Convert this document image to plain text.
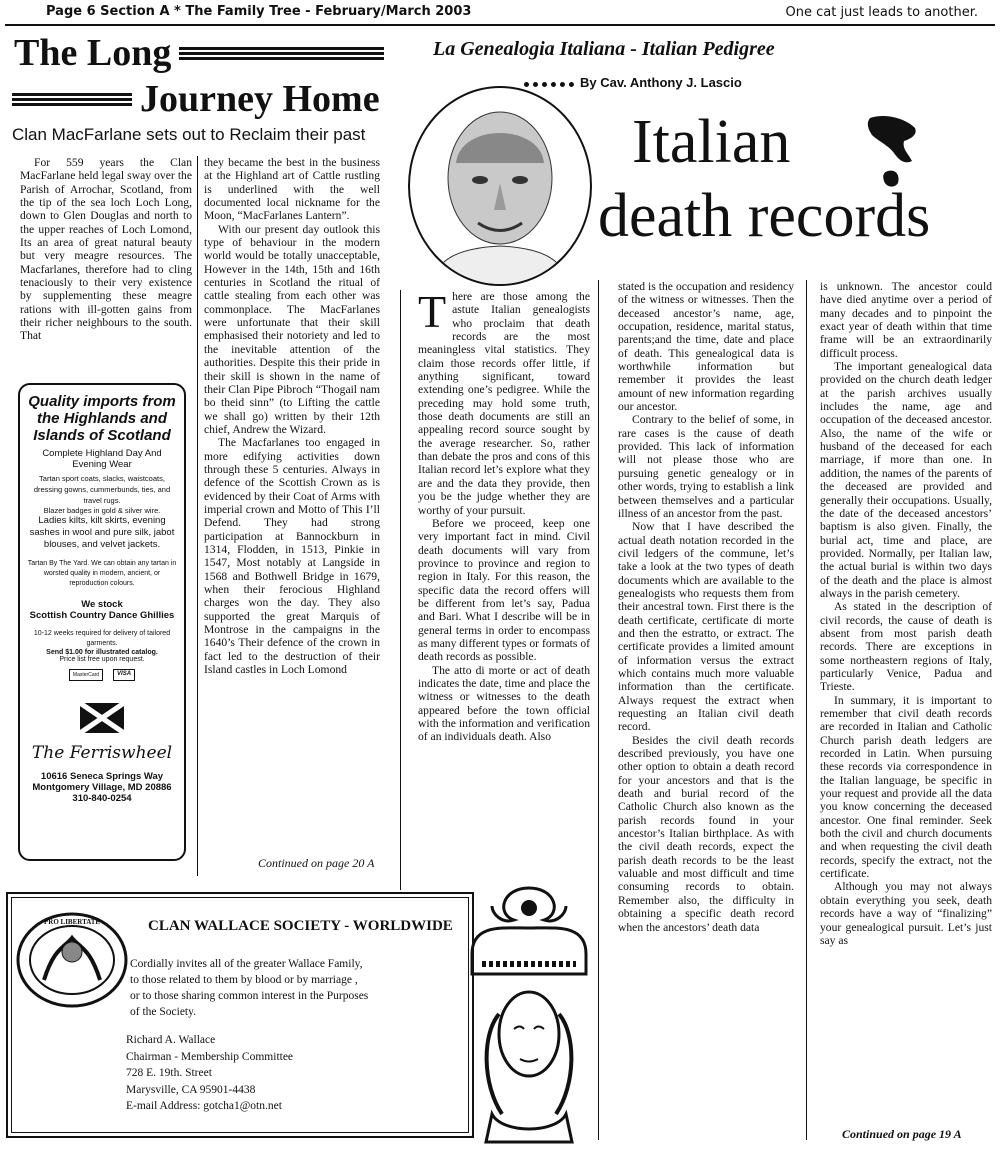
Page 6 Section A * The Family Tree - February/March 2003	One cat just leads to another.
The Long
Journey Home
Clan MacFarlane sets out to Reclaim their past

For 559 years the Clan MacFarlane held legal sway over the Parish of Arrochar, Scotland, from the tip of the sea loch Loch Long, down to Glen Douglas and north to the upper reaches of Loch Lomond, Its an area of great natural beauty but very meagre resources. The Macfarlanes, therefore had to cling tenaciously to their very existence by supplementing these meagre rations with ill-gotten gains from their richer neighbours to the south. That

Quality imports from the Highlands and Islands of Scotland
Complete Highland Day And Evening Wear
Tartan sport coats, slacks, waistcoats, dressing gowns, cummerbunds, ties, and travel rugs.
Blazer badges in gold & silver wire.
Ladies kilts, kilt skirts, evening sashes in wool and pure silk, jabot blouses, and velvet jackets.
Tartan By The Yard. We can obtain any tartan in worsted quality in modern, ancient, or reproduction colours.
We stock
Scottish Country Dance Ghillies
10-12 weeks required for delivery of tailored garments.
Send $1.00 for illustrated catalog.
Price list free upon request.
MasterCard	VISA
The Ferriswheel
10616 Seneca Springs Way
Montgomery Village, MD 20886
310-840-0254

they became the best in the business at the Highland art of Cattle rustling is underlined with the well documented local nickname for the Moon, “MacFarlanes Lantern”.

With our present day outlook this type of behaviour in the modern world would be totally unacceptable, However in the 14th, 15th and 16th centuries in Scotland the ritual of cattle stealing from each other was commonplace. The MacFarlanes were unfortunate that their skill emphasised their notoriety and led to the inevitable attention of the authorities. Despite this their pride in their skill is shown in the name of their Clan Pipe Pibroch “Thogail nam bo theid sinn” (to Lifting the cattle we shall go) written by their 12th chief, Andrew the Wizard.

The Macfarlanes too engaged in more edifying activities down through these 5 centuries. Always in defence of the Scottish Crown as is evidenced by their Coat of Arms with imperial crown and Motto of This I’ll Defend. They had strong participation at Bannockburn in 1314, Flodden, in 1513, Pinkie in 1547, Most notably at Langside in 1568 and Bothwell Bridge in 1679, when their ferocious Highland charges won the day. They also supported the great Marquis of Montrose in the campaigns in the 1640’s Their defence of the crown in fact led to the destruction of their Island castles in Loch Lomond

Continued on page 20 A
La Genealogia Italiana - Italian Pedigree
By Cav. Anthony J. Lascio
Italian
death records

There are those among the astute Italian genealogists who proclaim that death records are the most meaningless vital statistics. They claim those records offer little, if anything significant, toward extending one’s pedigree. While the preceding may hold some truth, those death documents are still an appealing record source sought by the average researcher. So, rather than debate the pros and cons of this Italian record let’s explore what they are and the data they provide, then you be the judge whether they are worthy of your pursuit.

Before we proceed, keep one very important fact in mind. Civil death documents will vary from province to province and region to region in Italy. For this reason, the specific data the record offers will be different from let’s say, Padua and Bari. What I describe will be in general terms in order to encompass as many different types or formats of death records as possible.

The atto di morte or act of death indicates the date, time and place the witness or witnesses to the death appeared before the town official with the information and verification of an individuals death. Also

stated is the occupation and residency of the witness or witnesses. Then the deceased ancestor’s name, age, occupation, residence, marital status, parents;and the time, date and place of death. This genealogical data is worthwhile information but remember it provides the least amount of new information regarding our ancestor.

Contrary to the belief of some, in rare cases is the cause of death provided. This lack of information will not please those who are pursuing genetic genealogy or in other words, trying to establish a link between themselves and a particular illness of an ancestor from the past.

Now that I have described the actual death notation recorded in the civil ledgers of the commune, let’s take a look at the two types of death documents which are available to the genealogists who requests them from their ancestral town. First there is the death certificate, certificate di morte and then the estratto, or extract. The certificate provides a limited amount of information versus the extract which contains much more valuable information than the certificate. Always request the extract when requesting an Italian civil death record.

Besides the civil death records described previously, you have one other option to obtain a death record for your ancestors and that is the death and burial record of the Catholic Church also known as the parish records found in your ancestor’s Italian birthplace. As with the civil death records, expect the parish death records to be the least valuable and most difficult and time consuming records to obtain. Remember also, the difficulty in obtaining a specific death record when the ancestors’ death data

is unknown. The ancestor could have died anytime over a period of many decades and to pinpoint the exact year of death within that time frame will be an extraordinarily difficult process.

The important genealogical data provided on the church death ledger at the parish archives usually includes the name, age and occupation of the deceased ancestor. Also, the name of the wife or husband of the deceased for each marriage, if more than one. In addition, the names of the parents of the deceased are provided and generally their occupations. Usually, the date of the deceased ancestors’ baptism is also given. Finally, the burial act, time and place, are provided. Normally, per Italian law, the actual burial is within two days of the death and the place is almost always in the parish cemetery.

As stated in the description of civil records, the cause of death is absent from most parish death records. There are exceptions in some northeastern regions of Italy, particularly Venice, Padua and Trieste.

In summary, it is important to remember that civil death records are recorded in Italian and Catholic Church parish death ledgers are recorded in Latin. When pursuing these records via correspondence in the Italian language, be specific in your request and provide all the data you know concerning the deceased ancestor. One final reminder. Seek both the civil and church documents and when requesting the civil death records, specify the extract, not the certificate.

Although you may not always obtain everything you seek, death records have a way of “finalizing” your genealogical pursuit. Let’s just say as

Continued on page 19 A
PRO LIBERTATE	CLAN WALLACE SOCIETY - WORLDWIDE
Cordially invites all of the greater Wallace Family,
to those related to them by blood or by marriage ,
or to those sharing common interest in the Purposes
of the Society.
Richard A. Wallace
Chairman - Membership Committee
728 E. 19th. Street
Marysville, CA 95901-4438
E-mail Address: gotcha1@otn.net
